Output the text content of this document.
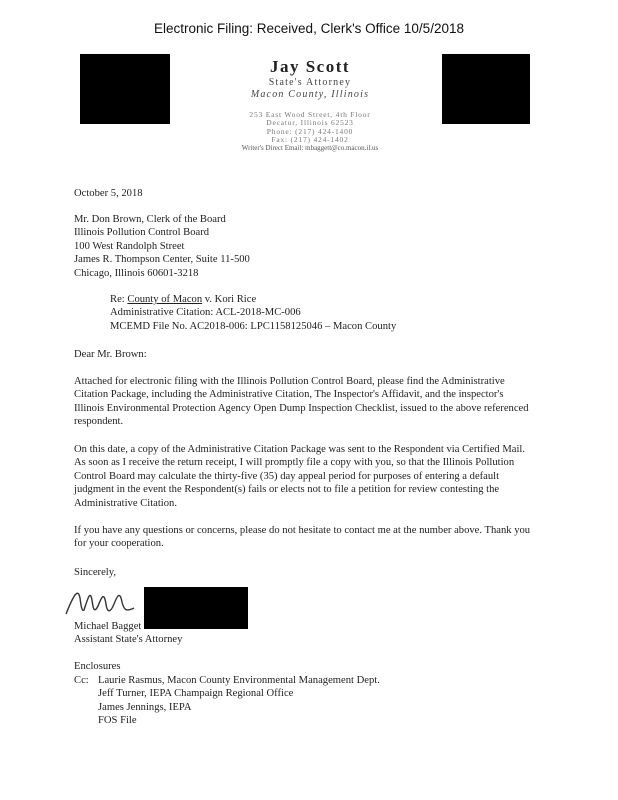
Electronic Filing: Received, Clerk's Office 10/5/2018
Jay Scott
State's Attorney
Macon County, Illinois
253 East Wood Street, 4th Floor
Decatur, Illinois 62523
Phone: (217) 424-1400
Fax: (217) 424-1402
Writer's Direct Email: mbaggett@co.macon.il.us
October 5, 2018
Mr. Don Brown, Clerk of the Board
Illinois Pollution Control Board
100 West Randolph Street
James R. Thompson Center, Suite 11-500
Chicago, Illinois 60601-3218
Re: County of Macon v. Kori Rice
Administrative Citation: ACL-2018-MC-006
MCEMD File No. AC2018-006: LPC1158125046 – Macon County
Dear Mr. Brown:
Attached for electronic filing with the Illinois Pollution Control Board, please find the Administrative Citation Package, including the Administrative Citation, The Inspector's Affidavit, and the inspector's Illinois Environmental Protection Agency Open Dump Inspection Checklist, issued to the above referenced respondent.
On this date, a copy of the Administrative Citation Package was sent to the Respondent via Certified Mail. As soon as I receive the return receipt, I will promptly file a copy with you, so that the Illinois Pollution Control Board may calculate the thirty-five (35) day appeal period for purposes of entering a default judgment in the event the Respondent(s) fails or elects not to file a petition for review contesting the Administrative Citation.
If you have any questions or concerns, please do not hesitate to contact me at the number above. Thank you for your cooperation.
Sincerely,
Michael Bagget
Assistant State's Attorney
Enclosures
Cc: Laurie Rasmus, Macon County Environmental Management Dept.
Jeff Turner, IEPA Champaign Regional Office
James Jennings, IEPA
FOS File
